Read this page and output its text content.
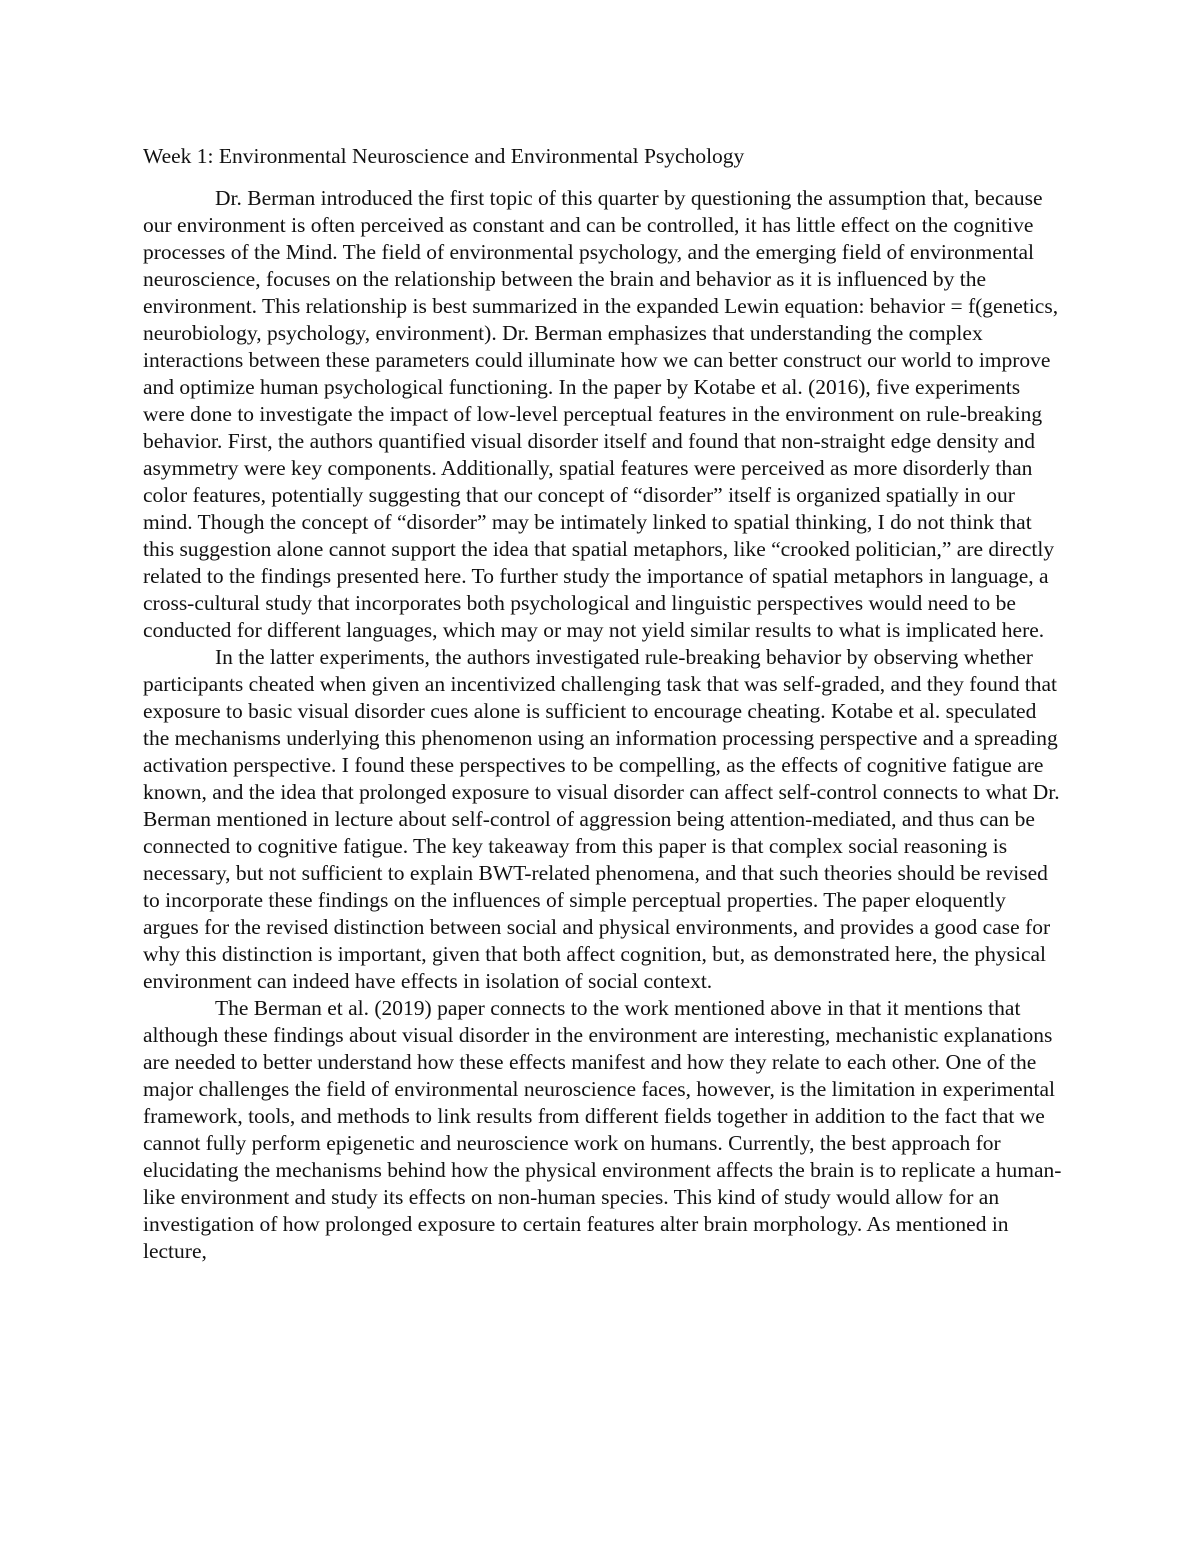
Week 1: Environmental Neuroscience and Environmental Psychology

Dr. Berman introduced the first topic of this quarter by questioning the assumption that, because our environment is often perceived as constant and can be controlled, it has little effect on the cognitive processes of the Mind. The field of environmental psychology, and the emerging field of environmental neuroscience, focuses on the relationship between the brain and behavior as it is influenced by the environment. This relationship is best summarized in the expanded Lewin equation: behavior = f(genetics, neurobiology, psychology, environment). Dr. Berman emphasizes that understanding the complex interactions between these parameters could illuminate how we can better construct our world to improve and optimize human psychological functioning. In the paper by Kotabe et al. (2016), five experiments were done to investigate the impact of low-level perceptual features in the environment on rule-breaking behavior. First, the authors quantified visual disorder itself and found that non-straight edge density and asymmetry were key components. Additionally, spatial features were perceived as more disorderly than color features, potentially suggesting that our concept of “disorder” itself is organized spatially in our mind. Though the concept of “disorder” may be intimately linked to spatial thinking, I do not think that this suggestion alone cannot support the idea that spatial metaphors, like “crooked politician,” are directly related to the findings presented here. To further study the importance of spatial metaphors in language, a cross-cultural study that incorporates both psychological and linguistic perspectives would need to be conducted for different languages, which may or may not yield similar results to what is implicated here.

In the latter experiments, the authors investigated rule-breaking behavior by observing whether participants cheated when given an incentivized challenging task that was self-graded, and they found that exposure to basic visual disorder cues alone is sufficient to encourage cheating. Kotabe et al. speculated the mechanisms underlying this phenomenon using an information processing perspective and a spreading activation perspective. I found these perspectives to be compelling, as the effects of cognitive fatigue are known, and the idea that prolonged exposure to visual disorder can affect self-control connects to what Dr. Berman mentioned in lecture about self-control of aggression being attention-mediated, and thus can be connected to cognitive fatigue. The key takeaway from this paper is that complex social reasoning is necessary, but not sufficient to explain BWT-related phenomena, and that such theories should be revised to incorporate these findings on the influences of simple perceptual properties. The paper eloquently argues for the revised distinction between social and physical environments, and provides a good case for why this distinction is important, given that both affect cognition, but, as demonstrated here, the physical environment can indeed have effects in isolation of social context.

The Berman et al. (2019) paper connects to the work mentioned above in that it mentions that although these findings about visual disorder in the environment are interesting, mechanistic explanations are needed to better understand how these effects manifest and how they relate to each other. One of the major challenges the field of environmental neuroscience faces, however, is the limitation in experimental framework, tools, and methods to link results from different fields together in addition to the fact that we cannot fully perform epigenetic and neuroscience work on humans. Currently, the best approach for elucidating the mechanisms behind how the physical environment affects the brain is to replicate a human-like environment and study its effects on non-human species. This kind of study would allow for an investigation of how prolonged exposure to certain features alter brain morphology. As mentioned in lecture,
